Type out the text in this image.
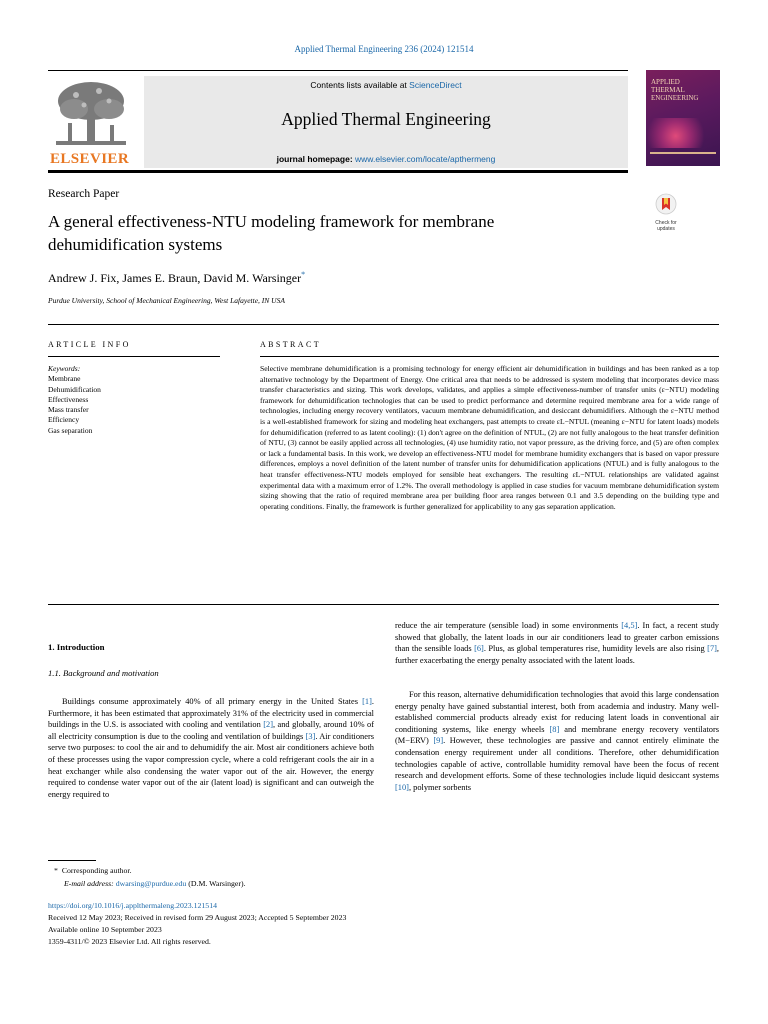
Applied Thermal Engineering 236 (2024) 121514
ELSEVIER
Contents lists available at ScienceDirect
Applied Thermal Engineering
journal homepage: www.elsevier.com/locate/apthermeng
APPLIED
THERMAL
ENGINEERING
Research Paper
A general effectiveness-NTU modeling framework for membrane dehumidification systems
Check for updates
Andrew J. Fix, James E. Braun, David M. Warsinger*
Purdue University, School of Mechanical Engineering, West Lafayette, IN USA
ARTICLE INFO	ABSTRACT
Keywords:
Membrane
Dehumidification
Effectiveness
Mass transfer
Efficiency
Gas separation
Selective membrane dehumidification is a promising technology for energy efficient air dehumidification in buildings and has been ranked as a top alternative technology by the Department of Energy. One critical area that needs to be addressed is system modeling that incorporates device mass transfer characteristics and sizing. This work develops, validates, and applies a simple effectiveness-number of transfer units (ε−NTU) modeling framework for dehumidification technologies that can be used to predict performance and determine required membrane area for a wide range of technologies, including energy recovery ventilators, vacuum membrane dehumidification, and desiccant dehumidifiers. Although the ε−NTU method is a well-established framework for sizing and modeling heat exchangers, past attempts to create εL−NTUL (meaning ε−NTU for latent loads) models for dehumidification (referred to as latent cooling): (1) don't agree on the definition of NTUL, (2) are not fully analogous to the heat transfer definition of NTU, (3) cannot be easily applied across all technologies, (4) use humidity ratio, not vapor pressure, as the driving force, and (5) are often complex or lack a fundamental basis. In this work, we develop an effectiveness-NTU model for membrane humidity exchangers that is based on vapor pressure differences, employs a novel definition of the latent number of transfer units for dehumidification applications (NTUL) and is fully analogous to the heat transfer effectiveness-NTU models employed for sensible heat exchangers. The resulting εL−NTUL relationships are validated against experimental data with a maximum error of 1.2%. The overall methodology is applied in case studies for vacuum membrane dehumidification system sizing showing that the ratio of required membrane area per building floor area ranges between 0.1 and 3.5 depending on the building type and operating conditions. Finally, the framework is further generalized for applicability to any gas separation application.
1. Introduction
1.1. Background and motivation
Buildings consume approximately 40% of all primary energy in the United States [1]. Furthermore, it has been estimated that approximately 31% of the electricity used in commercial buildings in the U.S. is associated with cooling and ventilation [2], and globally, around 10% of all electricity consumption is due to the cooling and ventilation of buildings [3]. Air conditioners serve two purposes: to cool the air and to dehumidify the air. Most air conditioners achieve both of these processes using the vapor compression cycle, where a cold refrigerant cools the air in a heat exchanger while also condensing the water vapor out of the air. However, the energy required to condense water vapor out of the air (latent load) is significant and can outweigh the energy required to
reduce the air temperature (sensible load) in some environments [4,5]. In fact, a recent study showed that globally, the latent loads in our air conditioners lead to greater carbon emissions than the sensible loads [6]. Plus, as global temperatures rise, humidity levels are also rising [7], further exacerbating the energy penalty associated with the latent loads.
For this reason, alternative dehumidification technologies that avoid this large condensation energy penalty have gained substantial interest, both from academia and industry. Many well-established commercial products already exist for reducing latent loads in conventional air conditioning systems, like energy wheels [8] and membrane energy recovery ventilators (M−ERV) [9]. However, these technologies are passive and cannot entirely eliminate the condensation energy requirement under all conditions. Therefore, other dehumidification technologies capable of active, controllable humidity removal have been the focus of recent research and development efforts. Some of these technologies include liquid desiccant systems [10], polymer sorbents
* Corresponding author.
E-mail address: dwarsing@purdue.edu (D.M. Warsinger).
https://doi.org/10.1016/j.applthermaleng.2023.121514
Received 12 May 2023; Received in revised form 29 August 2023; Accepted 5 September 2023
Available online 10 September 2023
1359-4311/© 2023 Elsevier Ltd. All rights reserved.
